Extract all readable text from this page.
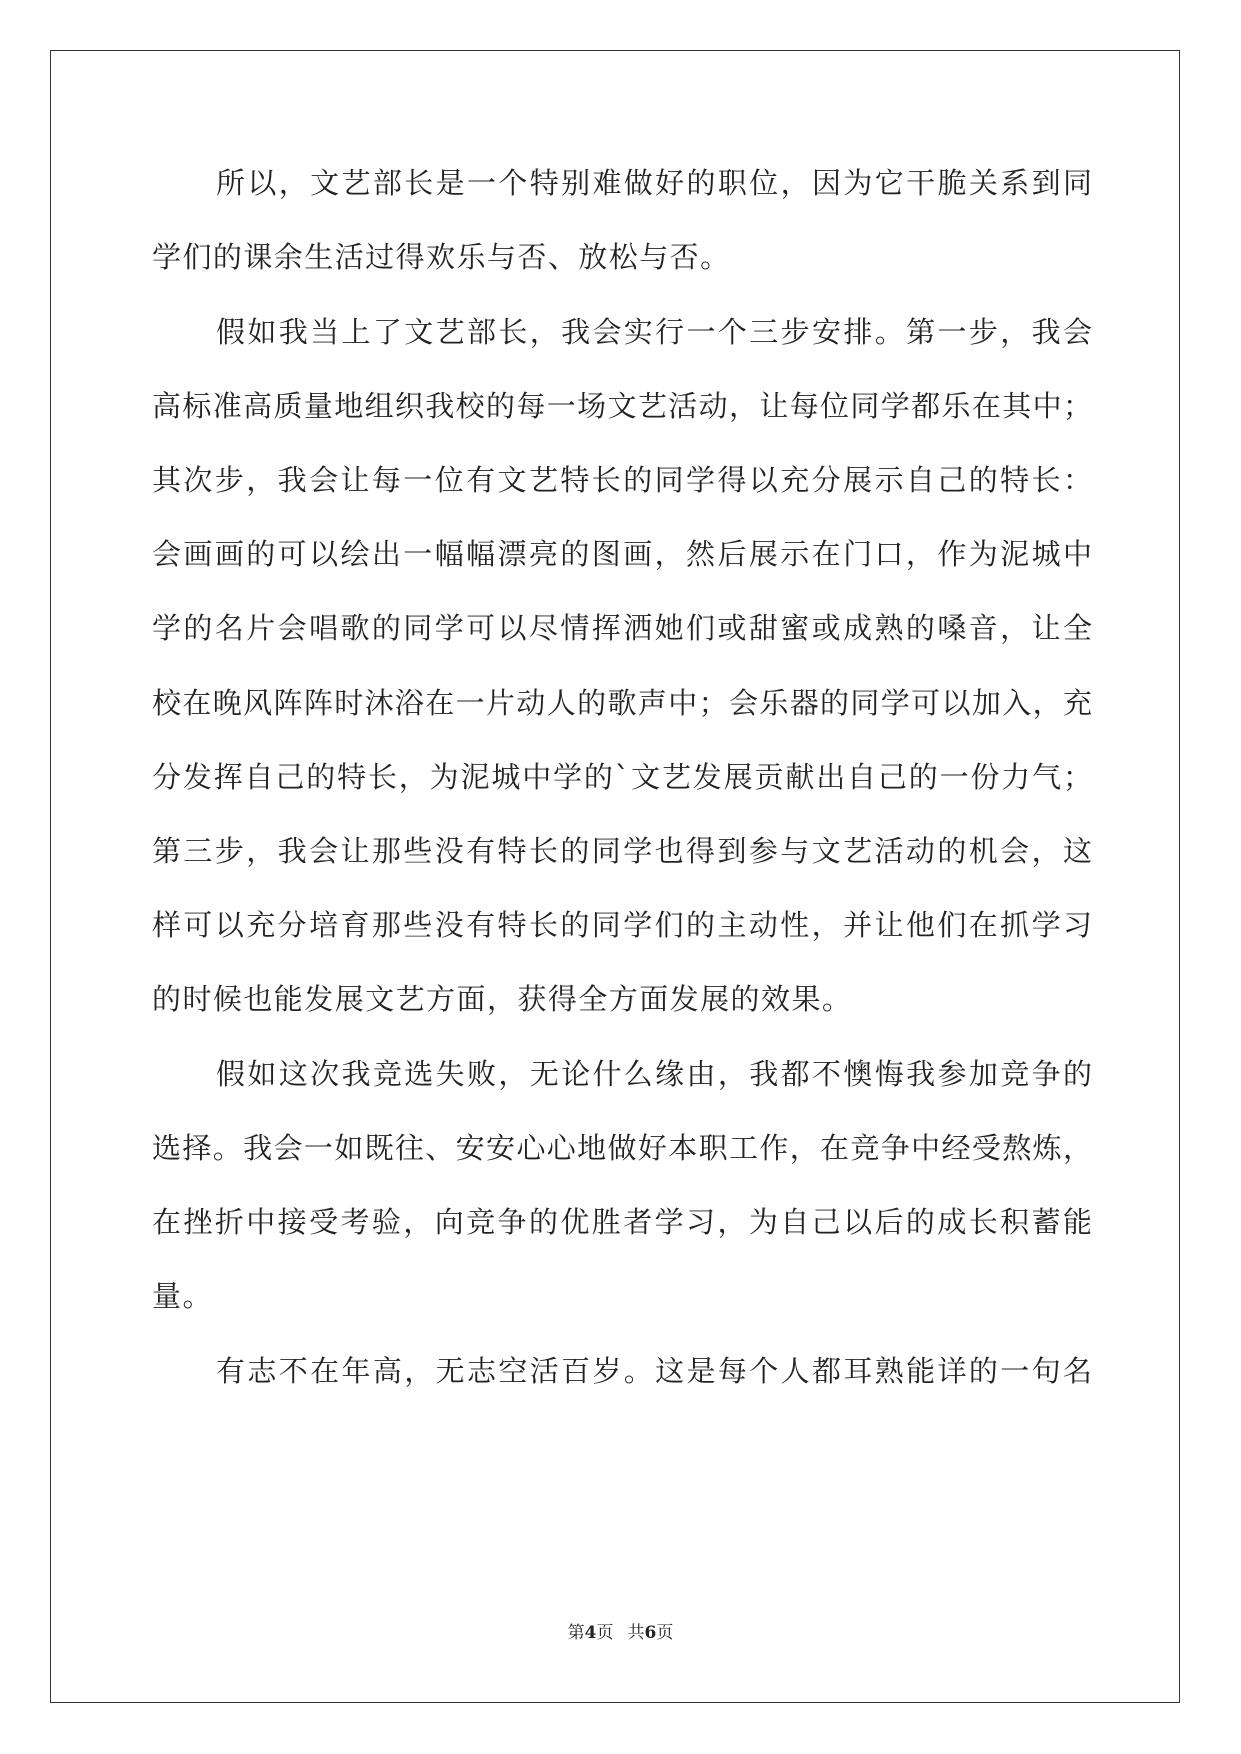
所以，文艺部长是一个特别难做好的职位，因为它干脆关系到同
学们的课余生活过得欢乐与否、放松与否。
假如我当上了文艺部长，我会实行一个三步安排。第一步，我会
高标准高质量地组织我校的每一场文艺活动，让每位同学都乐在其中；
其次步，我会让每一位有文艺特长的同学得以充分展示自己的特长：
会画画的可以绘出一幅幅漂亮的图画，然后展示在门口，作为泥城中
学的名片会唱歌的同学可以尽情挥洒她们或甜蜜或成熟的嗓音，让全
校在晚风阵阵时沐浴在一片动人的歌声中；会乐器的同学可以加入，充
分发挥自己的特长，为泥城中学的`文艺发展贡献出自己的一份力气；
第三步，我会让那些没有特长的同学也得到参与文艺活动的机会，这
样可以充分培育那些没有特长的同学们的主动性，并让他们在抓学习
的时候也能发展文艺方面，获得全方面发展的效果。
假如这次我竞选失败，无论什么缘由，我都不懊悔我参加竞争的
选择。我会一如既往、安安心心地做好本职工作，在竞争中经受熬炼，
在挫折中接受考验，向竞争的优胜者学习，为自己以后的成长积蓄能
量。
有志不在年高，无志空活百岁。这是每个人都耳熟能详的一句名
第4页 共6页
